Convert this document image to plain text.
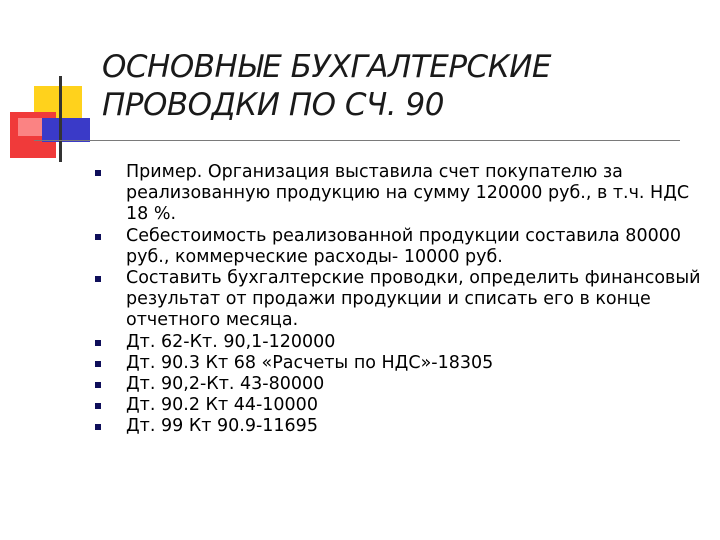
ОСНОВНЫЕ БУХГАЛТЕРСКИЕ
ПРОВОДКИ ПО СЧ. 90
Пример. Организация выставила счет покупателю за реализованную продукцию на сумму 120000 руб., в т.ч. НДС 18 %.
Себестоимость реализованной продукции составила 80000 руб., коммерческие расходы- 10000 руб.
Составить бухгалтерские проводки, определить финансовый результат от продажи продукции и списать его в конце отчетного месяца.
Дт. 62-Кт. 90,1-120000
Дт. 90.3 Кт 68 «Расчеты по НДС»-18305
Дт. 90,2-Кт. 43-80000
Дт. 90.2 Кт 44-10000
Дт. 99 Кт 90.9-11695
